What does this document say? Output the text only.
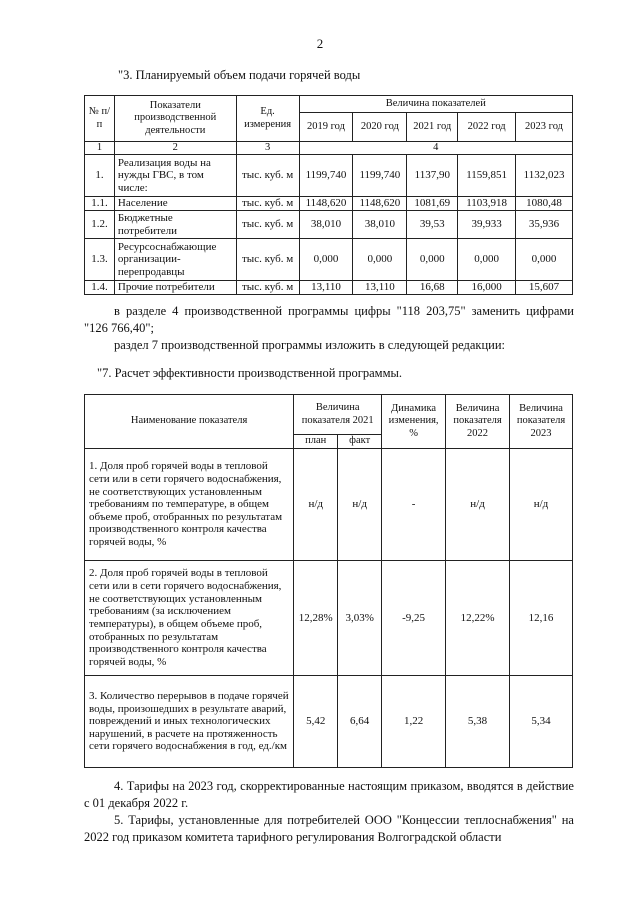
2
"3. Планируемый объем подачи горячей воды
№ п/п	Показатели производственной деятельности	Ед. измерения	Величина показателей				
			2019 год	2020 год	2021 год	2022 год	2023 год
1	2	3	4				
1.	Реализация воды на нужды ГВС, в том числе:	тыс. куб. м	1199,740	1199,740	1137,90	1159,851	1132,023
1.1.	Население	тыс. куб. м	1148,620	1148,620	1081,69	1103,918	1080,48
1.2.	Бюджетные потребители	тыс. куб. м	38,010	38,010	39,53	39,933	35,936
1.3.	Ресурсоснабжающие организации-перепродавцы	тыс. куб. м	0,000	0,000	0,000	0,000	0,000
1.4.	Прочие потребители	тыс. куб. м	13,110	13,110	16,68	16,000	15,607
в разделе 4 производственной программы цифры "118 203,75" заменить цифрами "126 766,40";
раздел 7 производственной программы изложить в следующей редакции:
"7. Расчет эффективности производственной программы.
Наименование показателя	Величина показателя 2021		Динамика изменения, %	Величина показателя 2022	Величина показателя 2023
	план	факт			
1. Доля проб горячей воды в тепловой сети или в сети горячего водоснабжения, не соответствующих установленным требованиям по температуре, в общем объеме проб, отобранных по результатам производственного контроля качества горячей воды, %	н/д	н/д	-	н/д	н/д
2. Доля проб горячей воды в тепловой сети или в сети горячего водоснабжения, не соответствующих установленным требованиям (за исключением температуры), в общем объеме проб, отобранных по результатам производственного контроля качества горячей воды, %	12,28%	3,03%	-9,25	12,22%	12,16
3. Количество перерывов в подаче горячей воды, произошедших в результате аварий, повреждений и иных технологических нарушений, в расчете на протяженность сети горячего водоснабжения в год, ед./км	5,42	6,64	1,22	5,38	5,34
4. Тарифы на 2023 год, скорректированные настоящим приказом, вводятся в действие с 01 декабря 2022 г.
5. Тарифы, установленные для потребителей ООО "Концессии теплоснабжения" на 2022 год приказом комитета тарифного регулирования Волгоградской области
